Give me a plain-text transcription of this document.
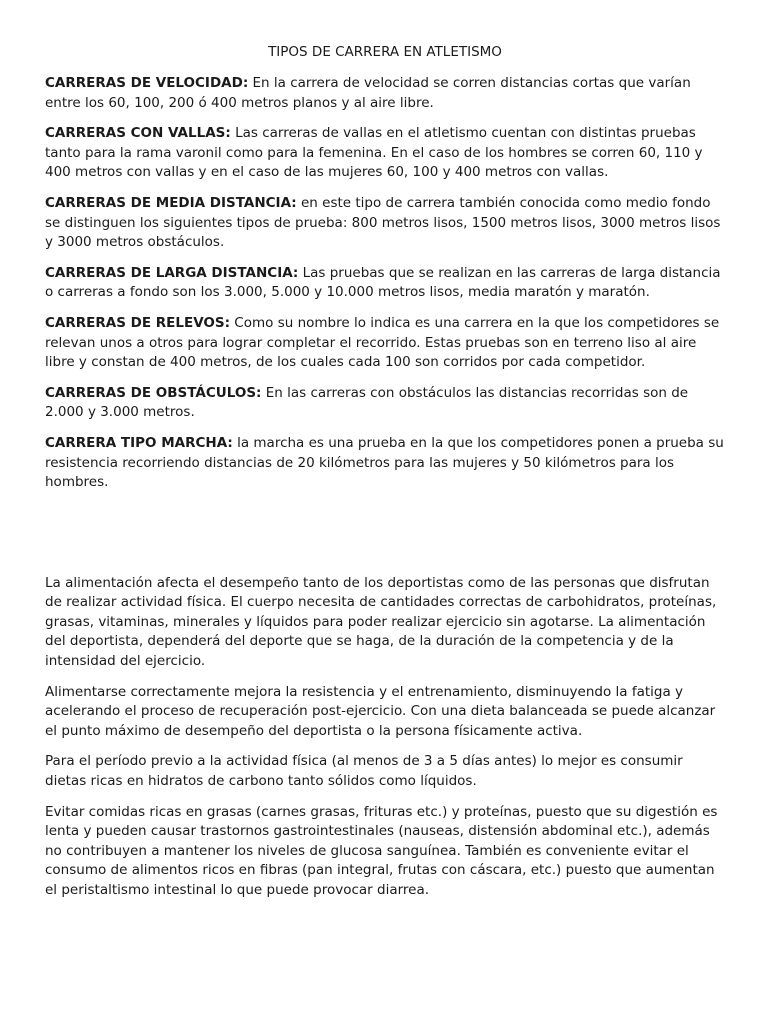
TIPOS DE CARRERA EN ATLETISMO

CARRERAS DE VELOCIDAD: En la carrera de velocidad se corren distancias cortas que varían entre los 60, 100, 200 ó 400 metros planos y al aire libre.

CARRERAS CON VALLAS: Las carreras de vallas en el atletismo cuentan con distintas pruebas tanto para la rama varonil como para la femenina. En el caso de los hombres se corren 60, 110 y 400 metros con vallas y en el caso de las mujeres 60, 100 y 400 metros con vallas.

CARRERAS DE MEDIA DISTANCIA: en este tipo de carrera también conocida como medio fondo se distinguen los siguientes tipos de prueba: 800 metros lisos, 1500 metros lisos, 3000 metros lisos y 3000 metros obstáculos.

CARRERAS DE LARGA DISTANCIA: Las pruebas que se realizan en las carreras de larga distancia o carreras a fondo son los 3.000, 5.000 y 10.000 metros lisos, media maratón y maratón.

CARRERAS DE RELEVOS: Como su nombre lo indica es una carrera en la que los competidores se relevan unos a otros para lograr completar el recorrido. Estas pruebas son en terreno liso al aire libre y constan de 400 metros, de los cuales cada 100 son corridos por cada competidor.

CARRERAS DE OBSTÁCULOS: En las carreras con obstáculos las distancias recorridas son de 2.000 y 3.000 metros.

CARRERA TIPO MARCHA: la marcha es una prueba en la que los competidores ponen a prueba su resistencia recorriendo distancias de 20 kilómetros para las mujeres y 50 kilómetros para los hombres.

La alimentación afecta el desempeño tanto de los deportistas como de las personas que disfrutan de realizar actividad física. El cuerpo necesita de cantidades correctas de carbohidratos, proteínas, grasas, vitaminas, minerales y líquidos para poder realizar ejercicio sin agotarse. La alimentación del deportista, dependerá del deporte que se haga, de la duración de la competencia y de la intensidad del ejercicio.

Alimentarse correctamente mejora la resistencia y el entrenamiento, disminuyendo la fatiga y acelerando el proceso de recuperación post-ejercicio. Con una dieta balanceada se puede alcanzar el punto máximo de desempeño del deportista o la persona físicamente activa.

Para el período previo a la actividad física (al menos de 3 a 5 días antes) lo mejor es consumir dietas ricas en hidratos de carbono tanto sólidos como líquidos.

Evitar comidas ricas en grasas (carnes grasas, frituras etc.) y proteínas, puesto que su digestión es lenta y pueden causar trastornos gastrointestinales (nauseas, distensión abdominal etc.), además no contribuyen a mantener los niveles de glucosa sanguínea. También es conveniente evitar el consumo de alimentos ricos en fibras (pan integral, frutas con cáscara, etc.) puesto que aumentan el peristaltismo intestinal lo que puede provocar diarrea.
